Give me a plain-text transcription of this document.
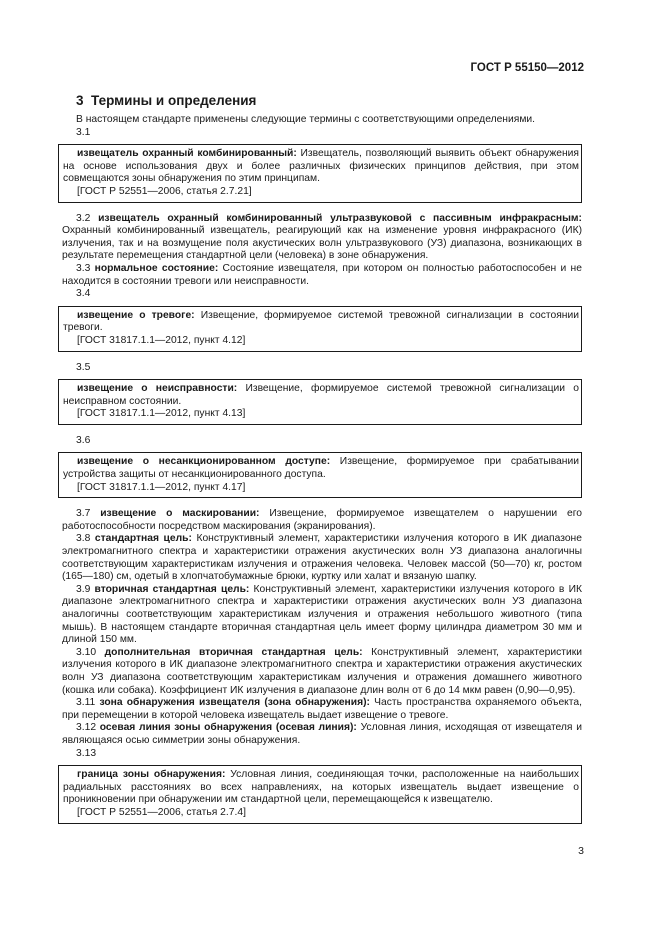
ГОСТ Р 55150—2012
3 Термины и определения

В настоящем стандарте применены следующие термины с соответствующими определениями.

3.1

извещатель охранный комбинированный: Извещатель, позволяющий выявить объект обнаружения на основе использования двух и более различных физических принципов действия, при этом совмещаются зоны обнаружения по этим принципам.

[ГОСТ Р 52551—2006, статья 2.7.21]

3.2 извещатель охранный комбинированный ультразвуковой с пассивным инфракрасным: Охранный комбинированный извещатель, реагирующий как на изменение уровня инфракрасного (ИК) излучения, так и на возмущение поля акустических волн ультразвукового (УЗ) диапазона, возникающих в результате перемещения стандартной цели (человека) в зоне обнаружения.

3.3 нормальное состояние: Состояние извещателя, при котором он полностью работоспособен и не находится в состоянии тревоги или неисправности.

3.4

извещение о тревоге: Извещение, формируемое системой тревожной сигнализации в состоянии тревоги.

[ГОСТ 31817.1.1—2012, пункт 4.12]

3.5

извещение о неисправности: Извещение, формируемое системой тревожной сигнализации о неисправном состоянии.

[ГОСТ 31817.1.1—2012, пункт 4.13]

3.6

извещение о несанкционированном доступе: Извещение, формируемое при срабатывании устройства защиты от несанкционированного доступа.

[ГОСТ 31817.1.1—2012, пункт 4.17]

3.7 извещение о маскировании: Извещение, формируемое извещателем о нарушении его работоспособности посредством маскирования (экранирования).

3.8 стандартная цель: Конструктивный элемент, характеристики излучения которого в ИК диапазоне электромагнитного спектра и характеристики отражения акустических волн УЗ диапазона аналогичны соответствующим характеристикам излучения и отражения человека. Человек массой (50—70) кг, ростом (165—180) см, одетый в хлопчатобумажные брюки, куртку или халат и вязаную шапку.

3.9 вторичная стандартная цель: Конструктивный элемент, характеристики излучения которого в ИК диапазоне электромагнитного спектра и характеристики отражения акустических волн УЗ диапазона аналогичны соответствующим характеристикам излучения и отражения небольшого животного (типа мышь). В настоящем стандарте вторичная стандартная цель имеет форму цилиндра диаметром 30 мм и длиной 150 мм.

3.10 дополнительная вторичная стандартная цель: Конструктивный элемент, характеристики излучения которого в ИК диапазоне электромагнитного спектра и характеристики отражения акустических волн УЗ диапазона соответствующим характеристикам излучения и отражения домашнего животного (кошка или собака). Коэффициент ИК излучения в диапазоне длин волн от 6 до 14 мкм равен (0,90—0,95).

3.11 зона обнаружения извещателя (зона обнаружения): Часть пространства охраняемого объекта, при перемещении в которой человека извещатель выдает извещение о тревоге.

3.12 осевая линия зоны обнаружения (осевая линия): Условная линия, исходящая от извещателя и являющаяся осью симметрии зоны обнаружения.

3.13

граница зоны обнаружения: Условная линия, соединяющая точки, расположенные на наибольших радиальных расстояниях во всех направлениях, на которых извещатель выдает извещение о проникновении при обнаружении им стандартной цели, перемещающейся к извещателю.

[ГОСТ Р 52551—2006, статья 2.7.4]

3
